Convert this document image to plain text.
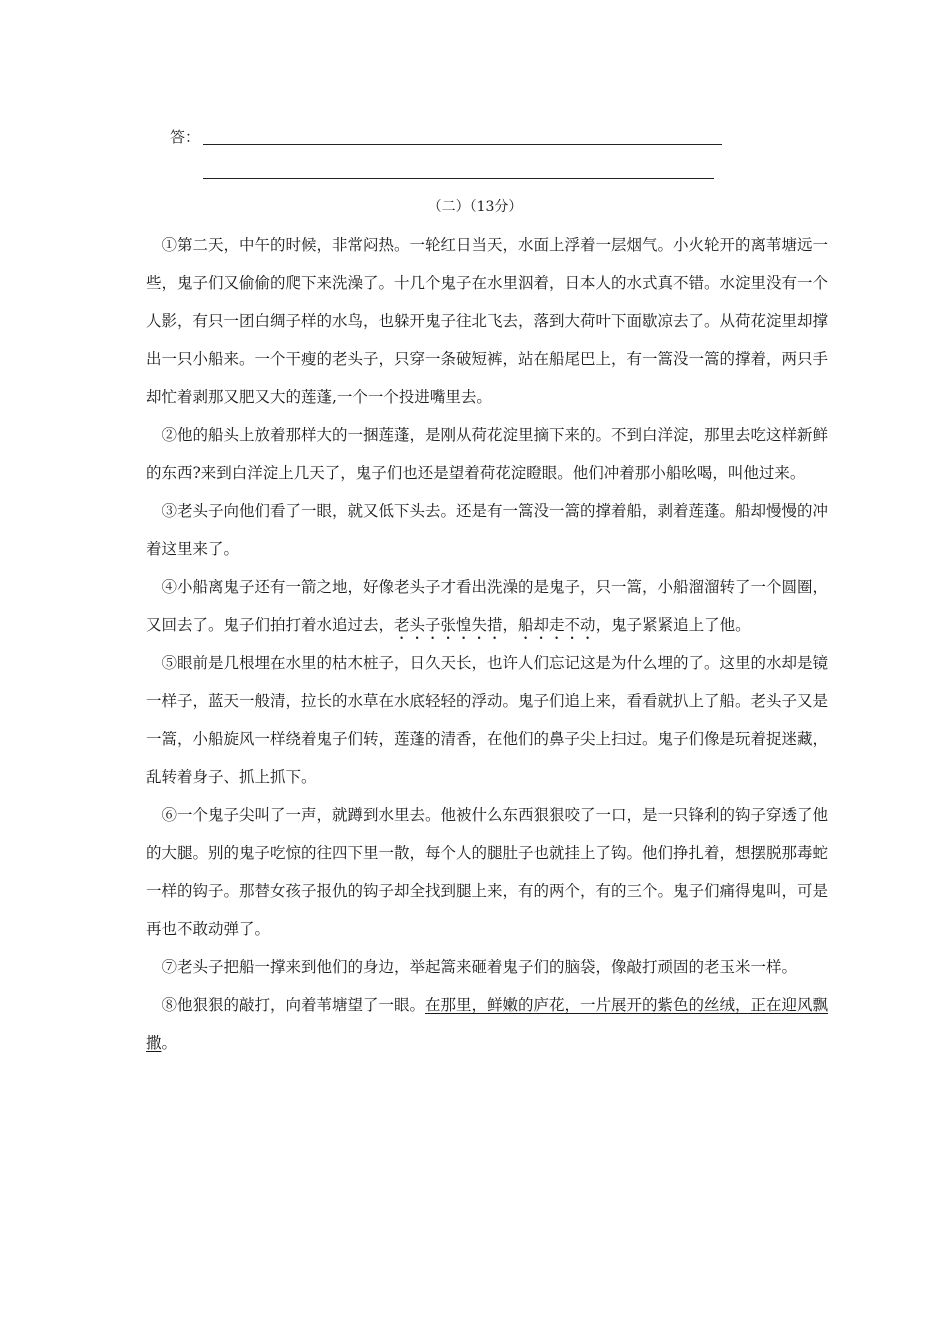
答：
（二）（13分）

①第二天，中午的时候，非常闷热。一轮红日当天，水面上浮着一层烟气。小火轮开的离苇塘远一些，鬼子们又偷偷的爬下来洗澡了。十几个鬼子在水里泅着，日本人的水式真不错。水淀里没有一个人影，有只一团白绸子样的水鸟，也躲开鬼子往北飞去，落到大荷叶下面歇凉去了。从荷花淀里却撑 出一只小船来。一个干瘦的老头子，只穿一条破短裤，站在船尾巴上，有一篙没一篙的撑着，两只手却忙着剥那又肥又大的莲蓬,一个一个投进嘴里去。

②他的船头上放着那样大的一捆莲蓬，是刚从荷花淀里摘下来的。不到白洋淀，那里去吃这样新鲜的东西?来到白洋淀上几天了，鬼子们也还是望着荷花淀瞪眼。他们冲着那小船吆喝，叫他过来。

③老头子向他们看了一眼，就又低下头去。还是有一篙没一篙的撑着船，剥着莲蓬。船却慢慢的冲着这里来了。

④小船离鬼子还有一箭之地，好像老头子才看出洗澡的是鬼子，只一篙，小船溜溜转了一个圆圈，又回去了。鬼子们拍打着水追过去，老头子张惶失措，船却走不动，鬼子紧紧追上了他。

⑤眼前是几根埋在水里的枯木桩子，日久天长，也许人们忘记这是为什么埋的了。这里的水却是镜一样子，蓝天一般清，拉长的水草在水底轻轻的浮动。鬼子们追上来，看看就扒上了船。老头子又是一篙，小船旋风一样绕着鬼子们转，莲蓬的清香，在他们的鼻子尖上扫过。鬼子们像是玩着捉迷藏，乱转着身子、抓上抓下。

⑥一个鬼子尖叫了一声，就蹲到水里去。他被什么东西狠狠咬了一口，是一只锋利的钩子穿透了他的大腿。别的鬼子吃惊的往四下里一散，每个人的腿肚子也就挂上了钩。他们挣扎着，想摆脱那毒蛇一样的钩子。那替女孩子报仇的钩子却全找到腿上来，有的两个，有的三个。鬼子们痛得鬼叫，可是再也不敢动弹了。

⑦老头子把船一撑来到他们的身边，举起篙来砸着鬼子们的脑袋，像敲打顽固的老玉米一样。

⑧他狠狠的敲打，向着苇塘望了一眼。在那里，鲜嫩的庐花，一片展开的紫色的丝绒，正在迎风飘撒。
